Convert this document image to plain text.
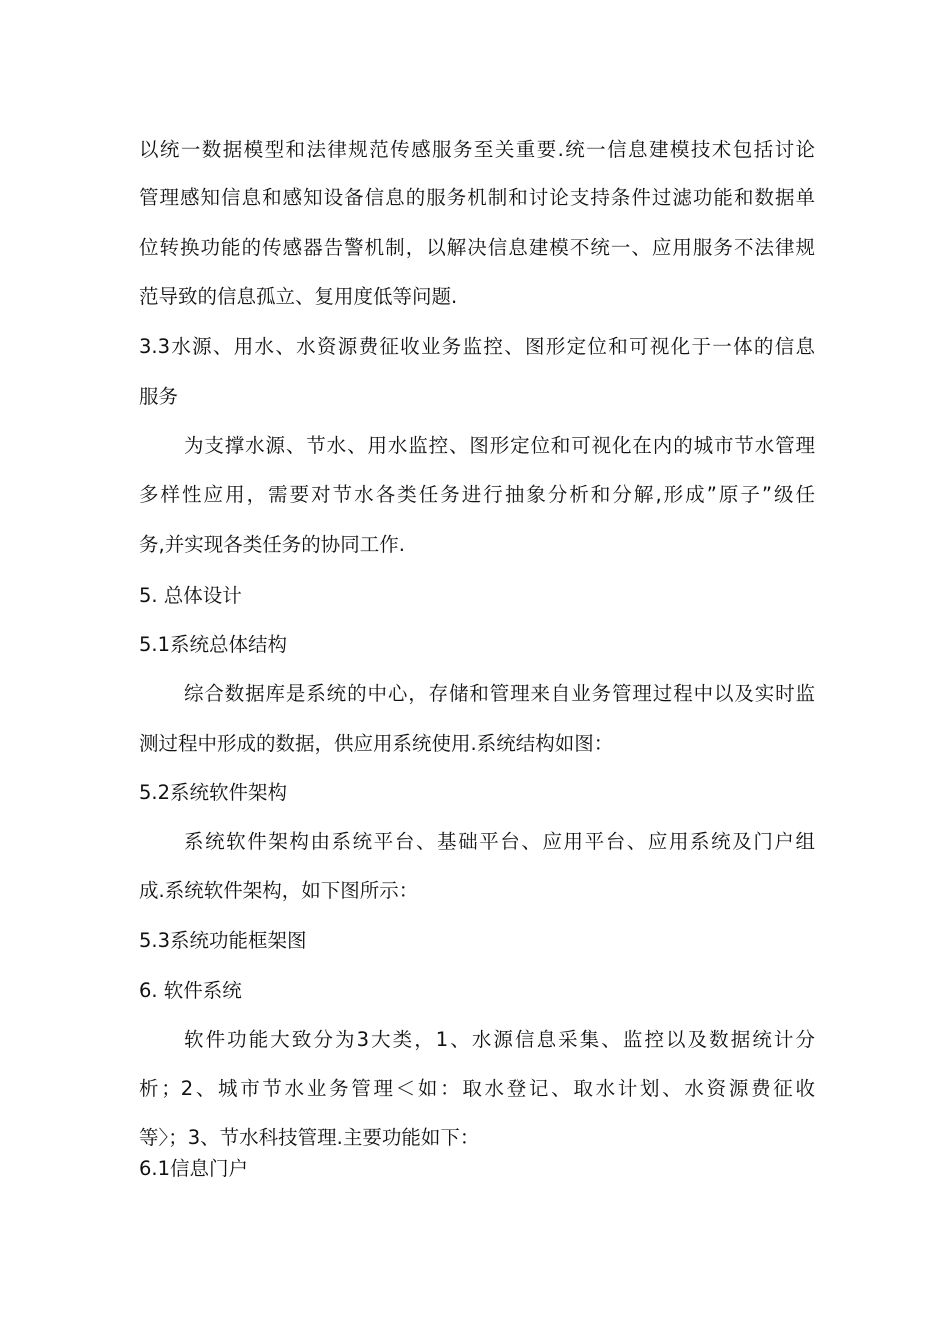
以统一数据模型和法律规范传感服务至关重要.统一信息建模技术包括讨论
管理感知信息和感知设备信息的服务机制和讨论支持条件过滤功能和数据单
位转换功能的传感器告警机制，以解决信息建模不统一、应用服务不法律规
范导致的信息孤立、复用度低等问题.
3.3水源、用水、水资源费征收业务监控、图形定位和可视化于一体的信息
服务
为支撑水源、节水、用水监控、图形定位和可视化在内的城市节水管理
多样性应用，需要对节水各类任务进行抽象分析和分解,形成”原子”级任
务,并实现各类任务的协同工作.
5. 总体设计
5.1系统总体结构
综合数据库是系统的中心，存储和管理来自业务管理过程中以及实时监
测过程中形成的数据，供应用系统使用.系统结构如图：
5.2系统软件架构
系统软件架构由系统平台、基础平台、应用平台、应用系统及门户组
成.系统软件架构，如下图所示：
5.3系统功能框架图
6. 软件系统
软件功能大致分为3大类，1、水源信息采集、监控以及数据统计分
析；2、城市节水业务管理＜如：取水登记、取水计划、水资源费征收
等〉；3、节水科技管理.主要功能如下：
6.1信息门户
